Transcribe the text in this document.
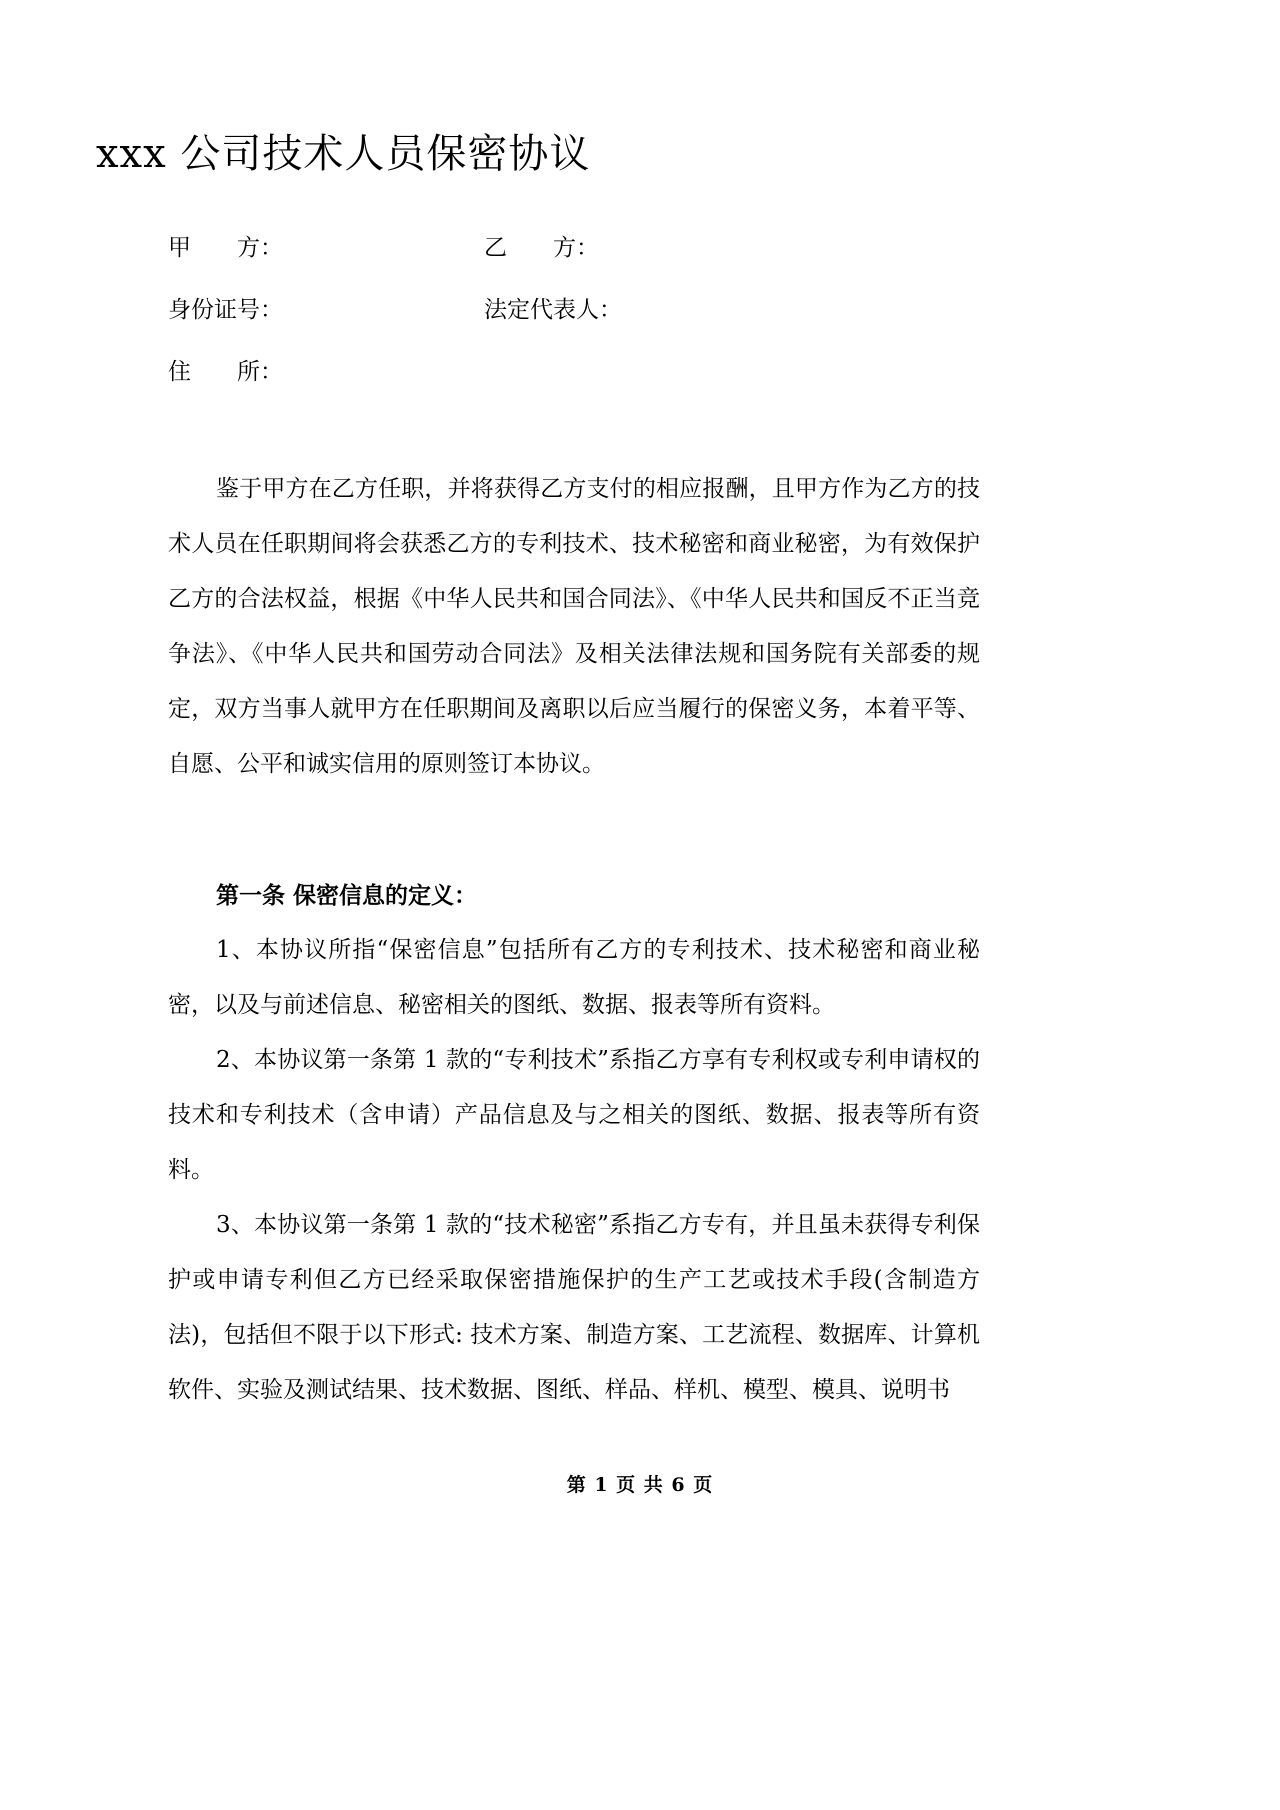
xxx 公司技术人员保密协议
甲　　方：	乙　　方：
身份证号：	法定代表人：
住　　所：

鉴于甲方在乙方任职，并将获得乙方支付的相应报酬，且甲方作为乙方的技术人员在任职期间将会获悉乙方的专利技术、技术秘密和商业秘密，为有效保护乙方的合法权益，根据《中华人民共和国合同法》、《中华人民共和国反不正当竞争法》、《中华人民共和国劳动合同法》及相关法律法规和国务院有关部委的规定，双方当事人就甲方在任职期间及离职以后应当履行的保密义务，本着平等、自愿、公平和诚实信用的原则签订本协议。

第一条 保密信息的定义：

1、本协议所指“保密信息”包括所有乙方的专利技术、技术秘密和商业秘密，以及与前述信息、秘密相关的图纸、数据、报表等所有资料。

2、本协议第一条第 1 款的“专利技术”系指乙方享有专利权或专利申请权的技术和专利技术（含申请）产品信息及与之相关的图纸、数据、报表等所有资料。

3、本协议第一条第 1 款的“技术秘密”系指乙方专有，并且虽未获得专利保护或申请专利但乙方已经采取保密措施保护的生产工艺或技术手段(含制造方法)，包括但不限于以下形式: 技术方案、制造方案、工艺流程、数据库、计算机软件、实验及测试结果、技术数据、图纸、样品、样机、模型、模具、说明书

第 1 页 共 6 页
